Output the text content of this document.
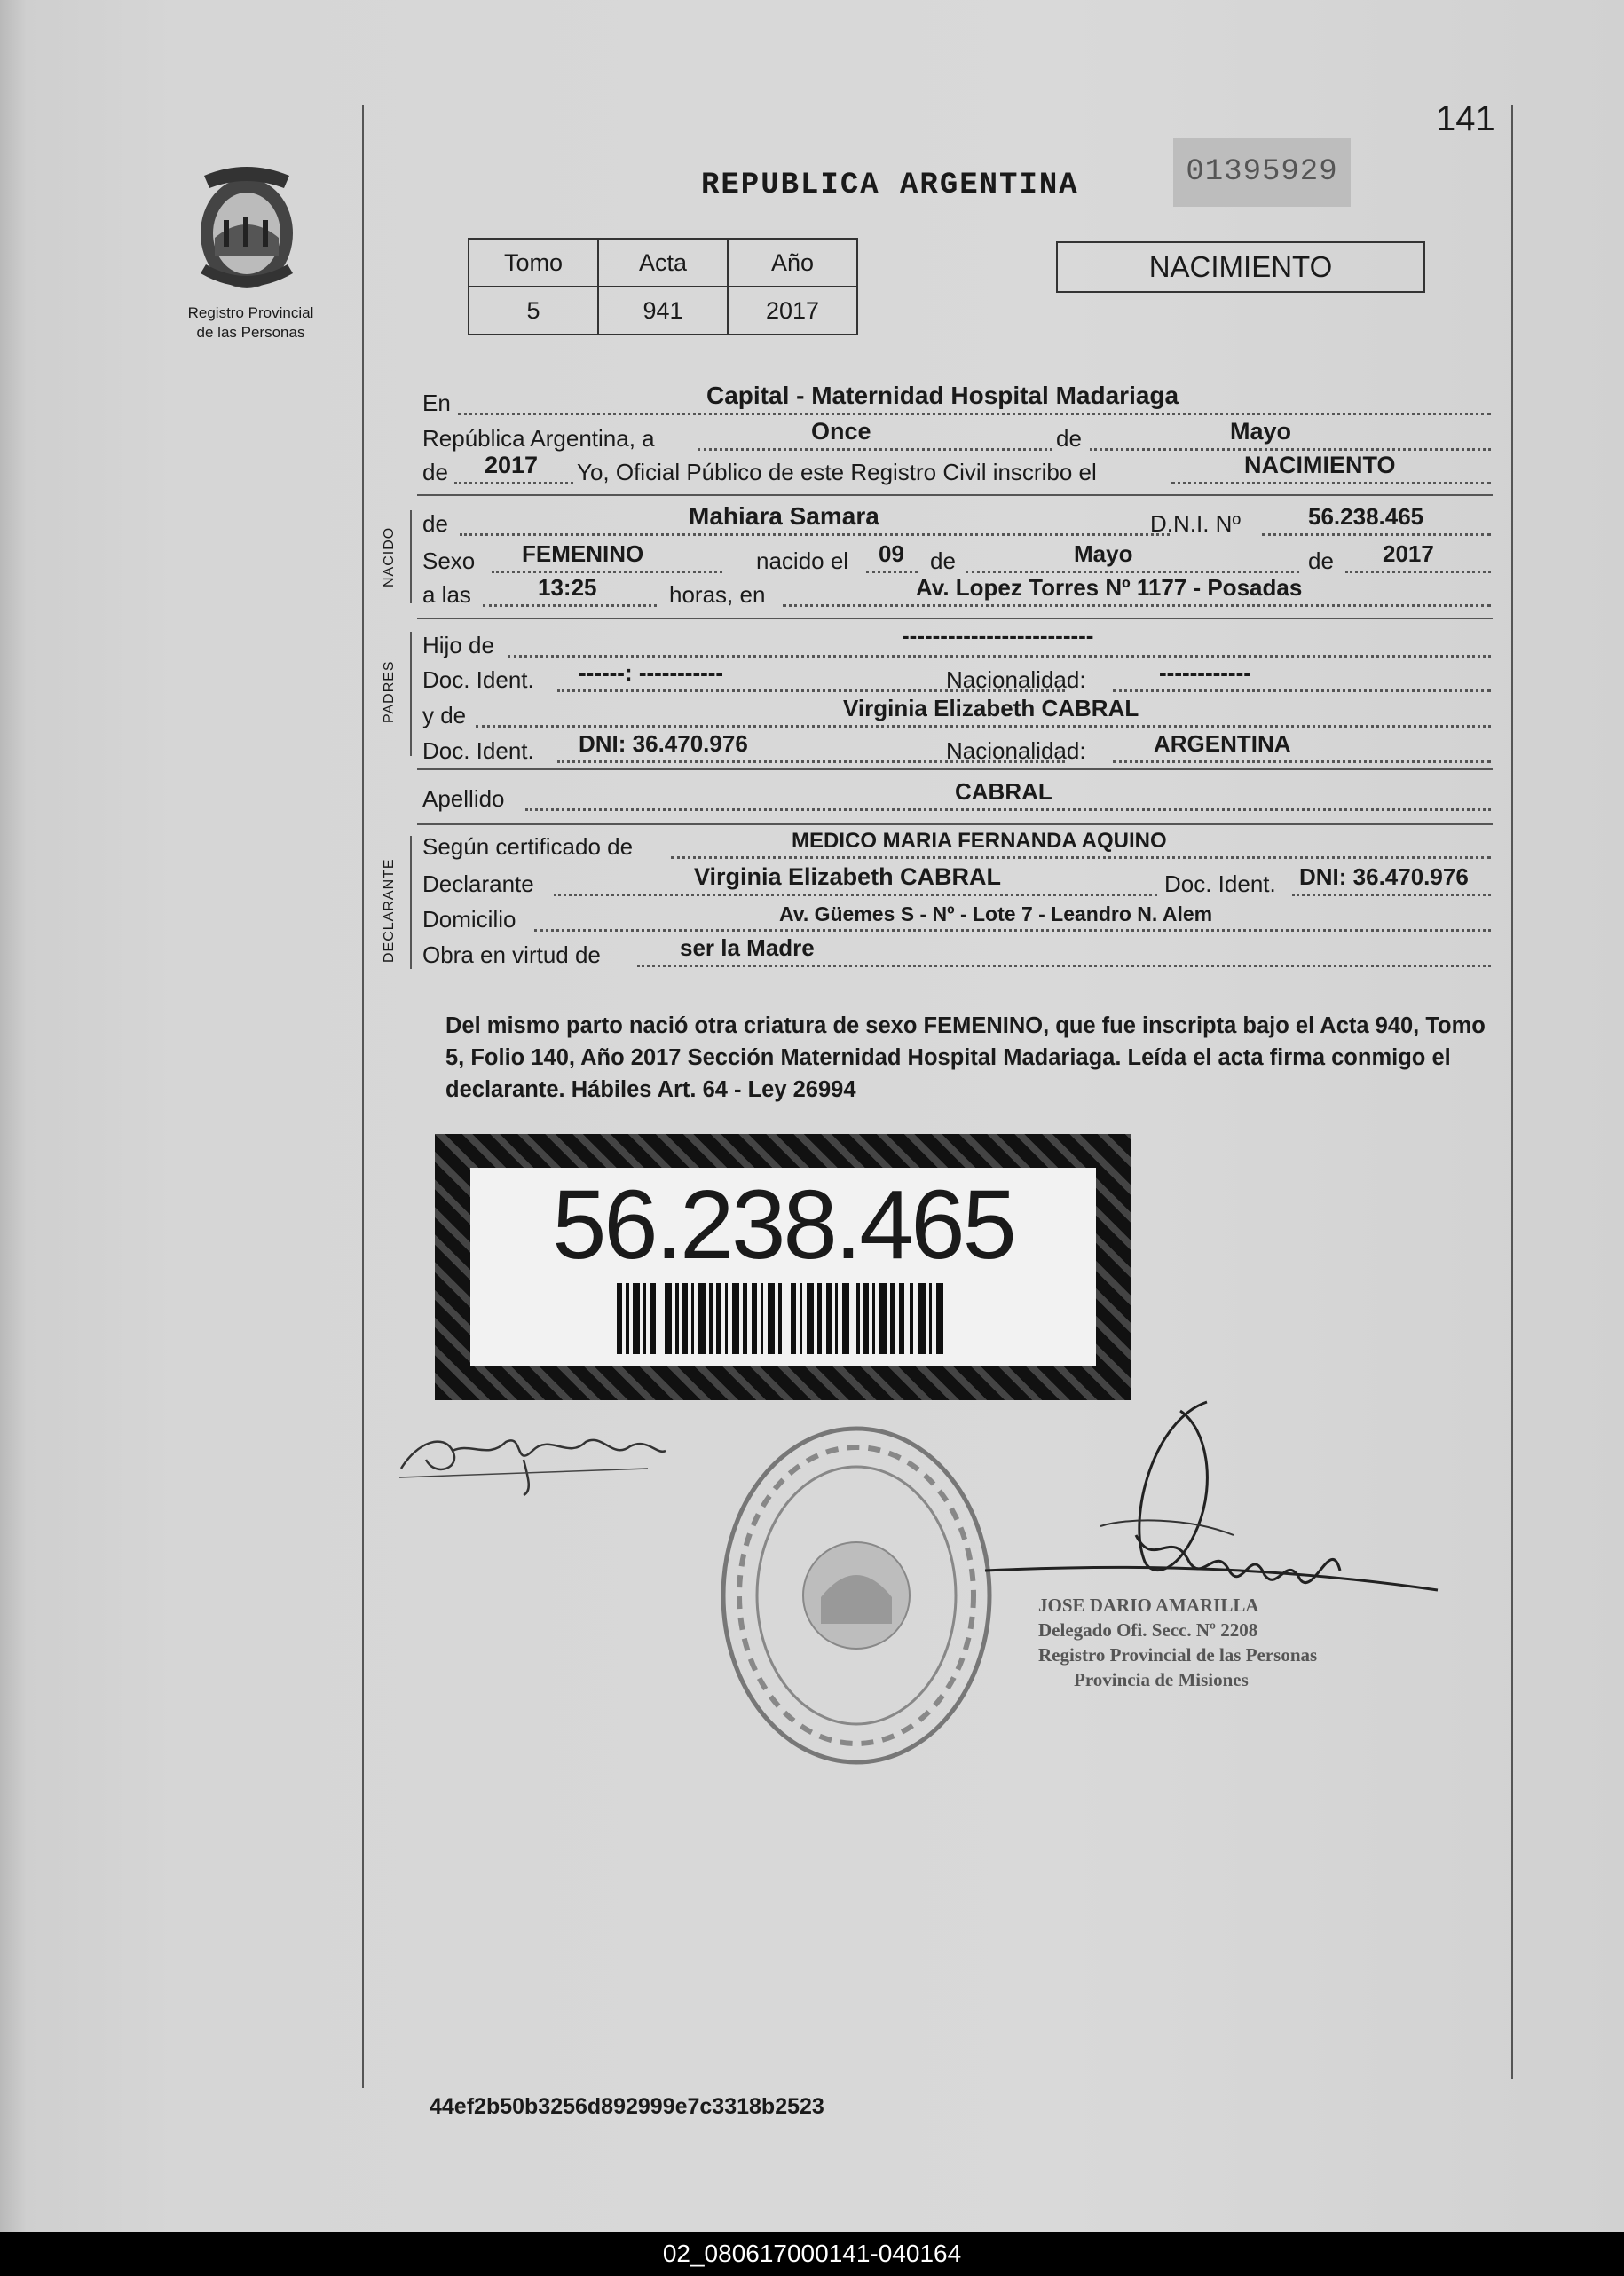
141
Registro Provincial
de las Personas
REPUBLICA ARGENTINA	01395929
Tomo	Acta	Año
5	941	2017
NACIMIENTO
En	Capital - Maternidad Hospital Madariaga
República Argentina, a	Once	de	Mayo
de 2017 Yo, Oficial Público de este Registro Civil inscribo el	NACIMIENTO
NACIDO
de	Mahiara Samara	D.N.I. Nº	56.238.465
Sexo FEMENINO	nacido el 09 de	Mayo	de 2017
a las	13:25	horas, en	Av. Lopez Torres Nº 1177 - Posadas
PADRES
Hijo de	-------------------------
Doc. Ident. ------: -----------	Nacionalidad:	------------
y de	Virginia Elizabeth CABRAL
Doc. Ident. DNI: 36.470.976	Nacionalidad:	ARGENTINA
Apellido	CABRAL
DECLARANTE
Según certificado de	MEDICO MARIA FERNANDA AQUINO
Declarante	Virginia Elizabeth CABRAL	Doc. Ident. DNI: 36.470.976
Domicilio	Av. Güemes S - Nº - Lote 7 - Leandro N. Alem
Obra en virtud de	ser la Madre
Del mismo parto nació otra criatura de sexo FEMENINO, que fue inscripta bajo el Acta 940, Tomo 5, Folio 140, Año 2017 Sección Maternidad Hospital Madariaga. Leída el acta firma conmigo el declarante. Hábiles Art. 64 - Ley 26994
56.238.465
JOSE DARIO AMARILLA
Delegado Ofi. Secc. Nº 2208
Registro Provincial de las Personas
Provincia de Misiones
44ef2b50b3256d892999e7c3318b2523
02_080617000141-040164
